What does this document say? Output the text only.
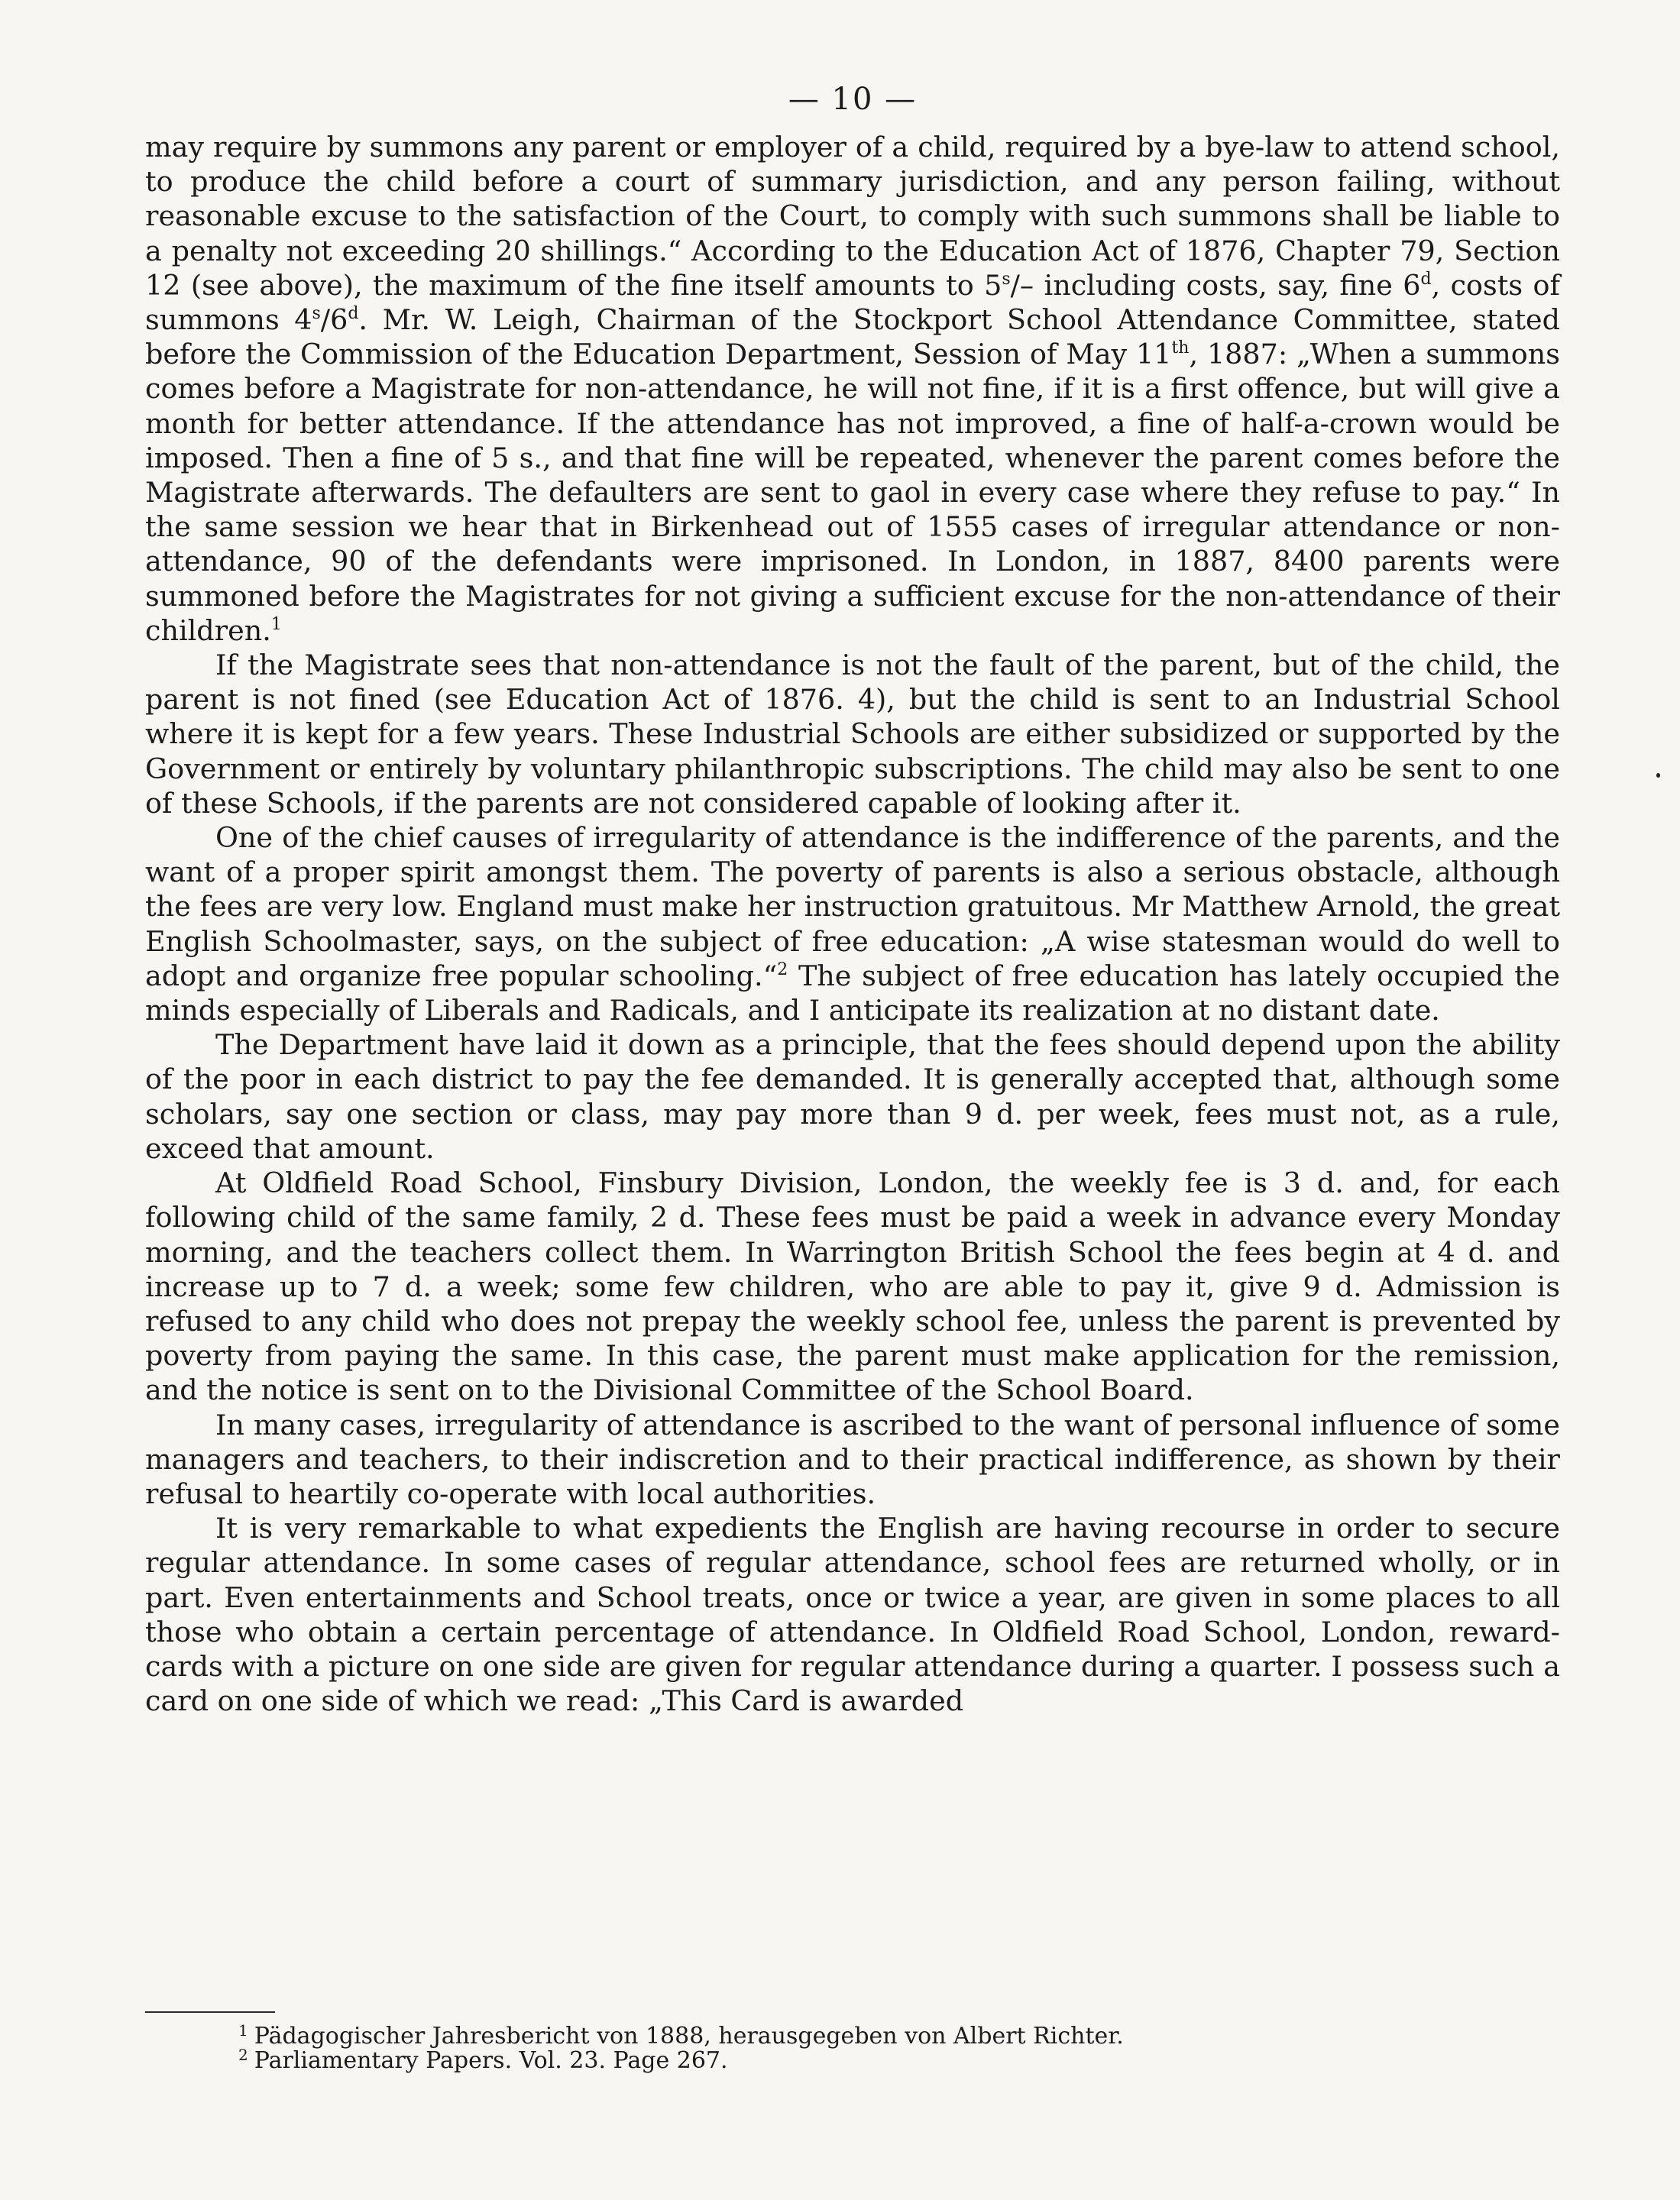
— 10 —

may require by summons any parent or employer of a child, required by a bye-law to attend school, to produce the child before a court of summary jurisdiction, and any person failing, without reasonable excuse to the satisfaction of the Court, to comply with such summons shall be liable to a penalty not exceeding 20 shillings.“ According to the Education Act of 1876, Chapter 79, Section 12 (see above), the maximum of the fine itself amounts to 5$^s$/– including costs, say, fine 6$^d$, costs of summons 4$^s$/6$^d$. Mr. W. Leigh, Chairman of the Stockport School Attendance Committee, stated before the Commission of the Education Department, Session of May 11th, 1887: „When a summons comes before a Magistrate for non-attendance, he will not fine, if it is a first offence, but will give a month for better attendance. If the attendance has not improved, a fine of half-a-crown would be imposed. Then a fine of 5 s., and that fine will be repeated, whenever the parent comes before the Magistrate afterwards. The defaulters are sent to gaol in every case where they refuse to pay.“ In the same session we hear that in Birkenhead out of 1555 cases of irregular attendance or non-attendance, 90 of the defendants were imprisoned. In London, in 1887, 8400 parents were summoned before the Magistrates for not giving a sufficient excuse for the non-attendance of their children.$^1$

If the Magistrate sees that non-attendance is not the fault of the parent, but of the child, the parent is not fined (see Education Act of 1876. 4), but the child is sent to an Industrial School where it is kept for a few years. These Industrial Schools are either subsidized or supported by the Government or entirely by voluntary philanthropic subscriptions. The child may also be sent to one of these Schools, if the parents are not considered capable of looking after it.

One of the chief causes of irregularity of attendance is the indifference of the parents, and the want of a proper spirit amongst them. The poverty of parents is also a serious obstacle, although the fees are very low. England must make her instruction gratuitous. Mr Matthew Arnold, the great English Schoolmaster, says, on the subject of free education: „A wise statesman would do well to adopt and organize free popular schooling.“$^2$ The subject of free education has lately occupied the minds especially of Liberals and Radicals, and I anticipate its realization at no distant date.

The Department have laid it down as a principle, that the fees should depend upon the ability of the poor in each district to pay the fee demanded. It is generally accepted that, although some scholars, say one section or class, may pay more than 9 d. per week, fees must not, as a rule, exceed that amount.

At Oldfield Road School, Finsbury Division, London, the weekly fee is 3 d. and, for each following child of the same family, 2 d. These fees must be paid a week in advance every Monday morning, and the teachers collect them. In Warrington British School the fees begin at 4 d. and increase up to 7 d. a week; some few children, who are able to pay it, give 9 d. Admission is refused to any child who does not prepay the weekly school fee, unless the parent is prevented by poverty from paying the same. In this case, the parent must make application for the remission, and the notice is sent on to the Divisional Committee of the School Board.

In many cases, irregularity of attendance is ascribed to the want of personal influence of some managers and teachers, to their indiscretion and to their practical indifference, as shown by their refusal to heartily co-operate with local authorities.

It is very remarkable to what expedients the English are having recourse in order to secure regular attendance. In some cases of regular attendance, school fees are returned wholly, or in part. Even entertainments and School treats, once or twice a year, are given in some places to all those who obtain a certain percentage of attendance. In Oldfield Road School, London, reward-cards with a picture on one side are given for regular attendance during a quarter. I possess such a card on one side of which we read: „This Card is awarded

$^1$ Pädagogischer Jahresbericht von 1888, herausgegeben von Albert Richter.

$^2$ Parliamentary Papers. Vol. 23. Page 267.
